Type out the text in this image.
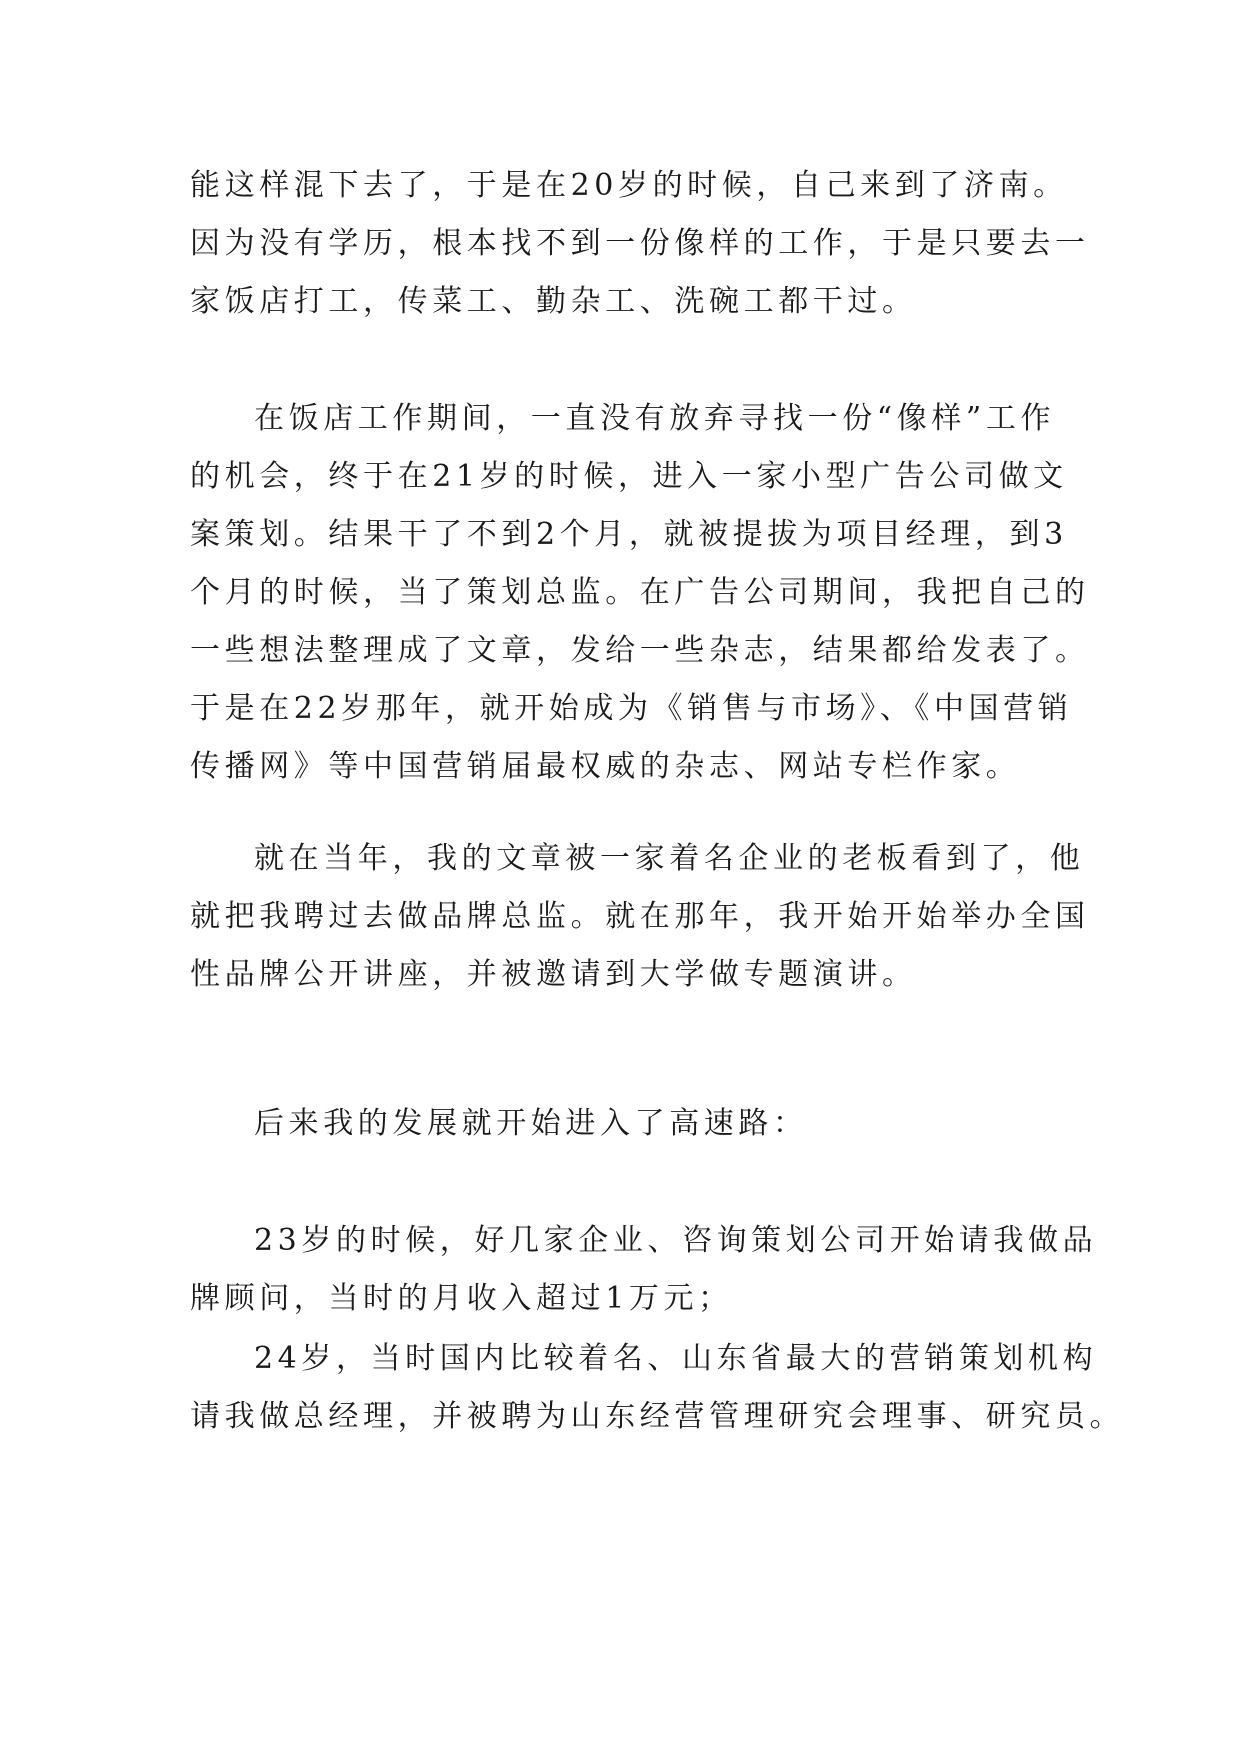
能这样混下去了，于是在20岁的时候，自己来到了济南。
因为没有学历，根本找不到一份像样的工作，于是只要去一
家饭店打工，传菜工、勤杂工、洗碗工都干过。
在饭店工作期间，一直没有放弃寻找一份“像样”工作
的机会，终于在21岁的时候，进入一家小型广告公司做文
案策划。结果干了不到2个月，就被提拔为项目经理，到3
个月的时候，当了策划总监。在广告公司期间，我把自己的
一些想法整理成了文章，发给一些杂志，结果都给发表了。
于是在22岁那年，就开始成为《销售与市场》、《中国营销
传播网》等中国营销届最权威的杂志、网站专栏作家。
就在当年，我的文章被一家着名企业的老板看到了，他
就把我聘过去做品牌总监。就在那年，我开始开始举办全国
性品牌公开讲座，并被邀请到大学做专题演讲。
后来我的发展就开始进入了高速路：
23岁的时候，好几家企业、咨询策划公司开始请我做品
牌顾问，当时的月收入超过1万元；
24岁，当时国内比较着名、山东省最大的营销策划机构
请我做总经理，并被聘为山东经营管理研究会理事、研究员。
